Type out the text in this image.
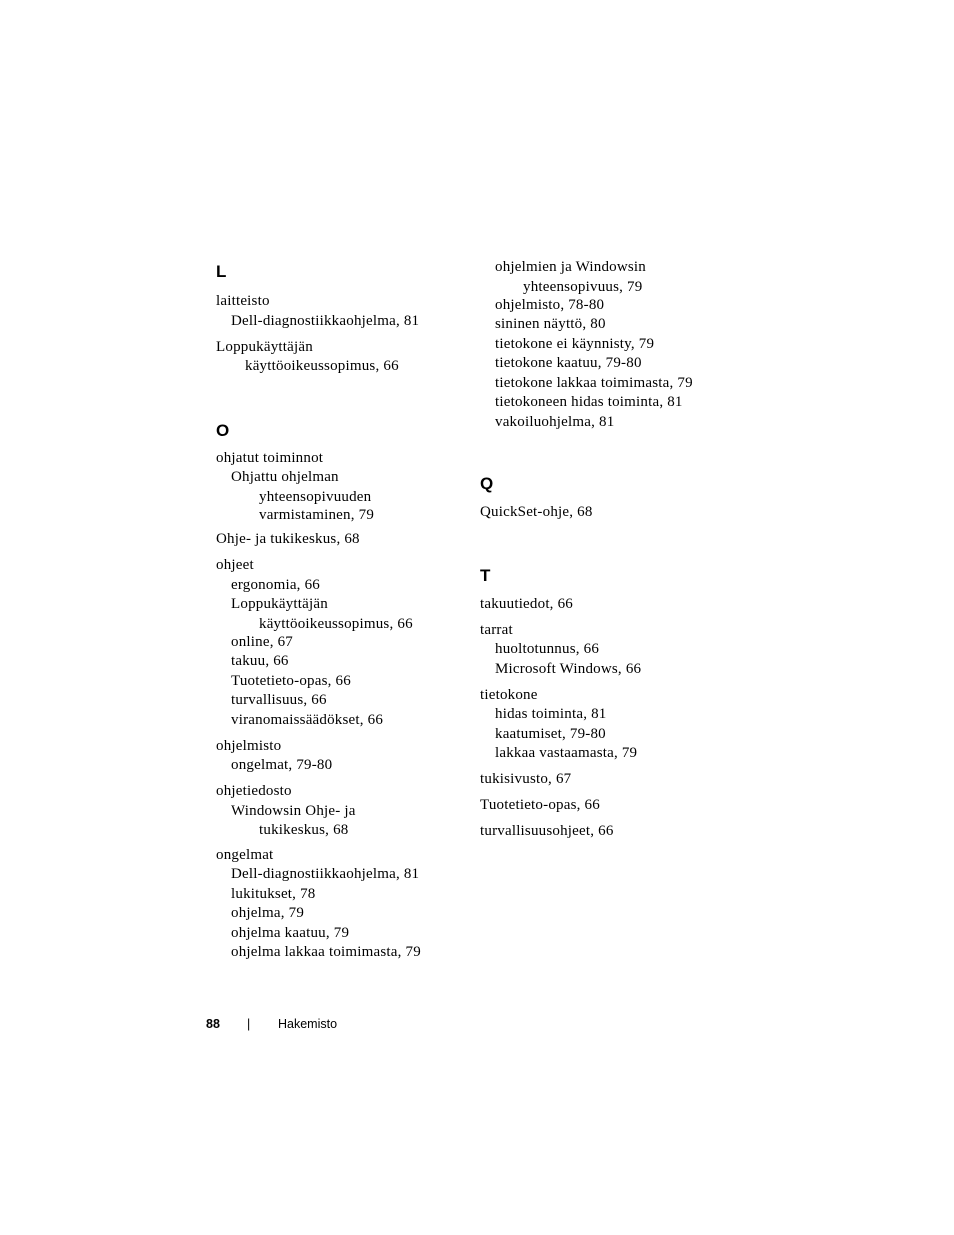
L
laitteisto
Dell-diagnostiikkaohjelma, 81
Loppukäyttäjän
käyttöoikeussopimus, 66
O
ohjatut toiminnot
Ohjattu ohjelman
yhteensopivuuden
varmistaminen, 79
Ohje- ja tukikeskus, 68
ohjeet
ergonomia, 66
Loppukäyttäjän
käyttöoikeussopimus, 66
online, 67
takuu, 66
Tuotetieto-opas, 66
turvallisuus, 66
viranomaissäädökset, 66
ohjelmisto
ongelmat, 79-80
ohjetiedosto
Windowsin Ohje- ja
tukikeskus, 68
ongelmat
Dell-diagnostiikkaohjelma, 81
lukitukset, 78
ohjelma, 79
ohjelma kaatuu, 79
ohjelma lakkaa toimimasta, 79
ohjelmien ja Windowsin
yhteensopivuus, 79
ohjelmisto, 78-80
sininen näyttö, 80
tietokone ei käynnisty, 79
tietokone kaatuu, 79-80
tietokone lakkaa toimimasta, 79
tietokoneen hidas toiminta, 81
vakoiluohjelma, 81
Q
QuickSet-ohje, 68
T
takuutiedot, 66
tarrat
huoltotunnus, 66
Microsoft Windows, 66
tietokone
hidas toiminta, 81
kaatumiset, 79-80
lakkaa vastaamasta, 79
tukisivusto, 67
Tuotetieto-opas, 66
turvallisuusohjeet, 66
88 | Hakemisto
